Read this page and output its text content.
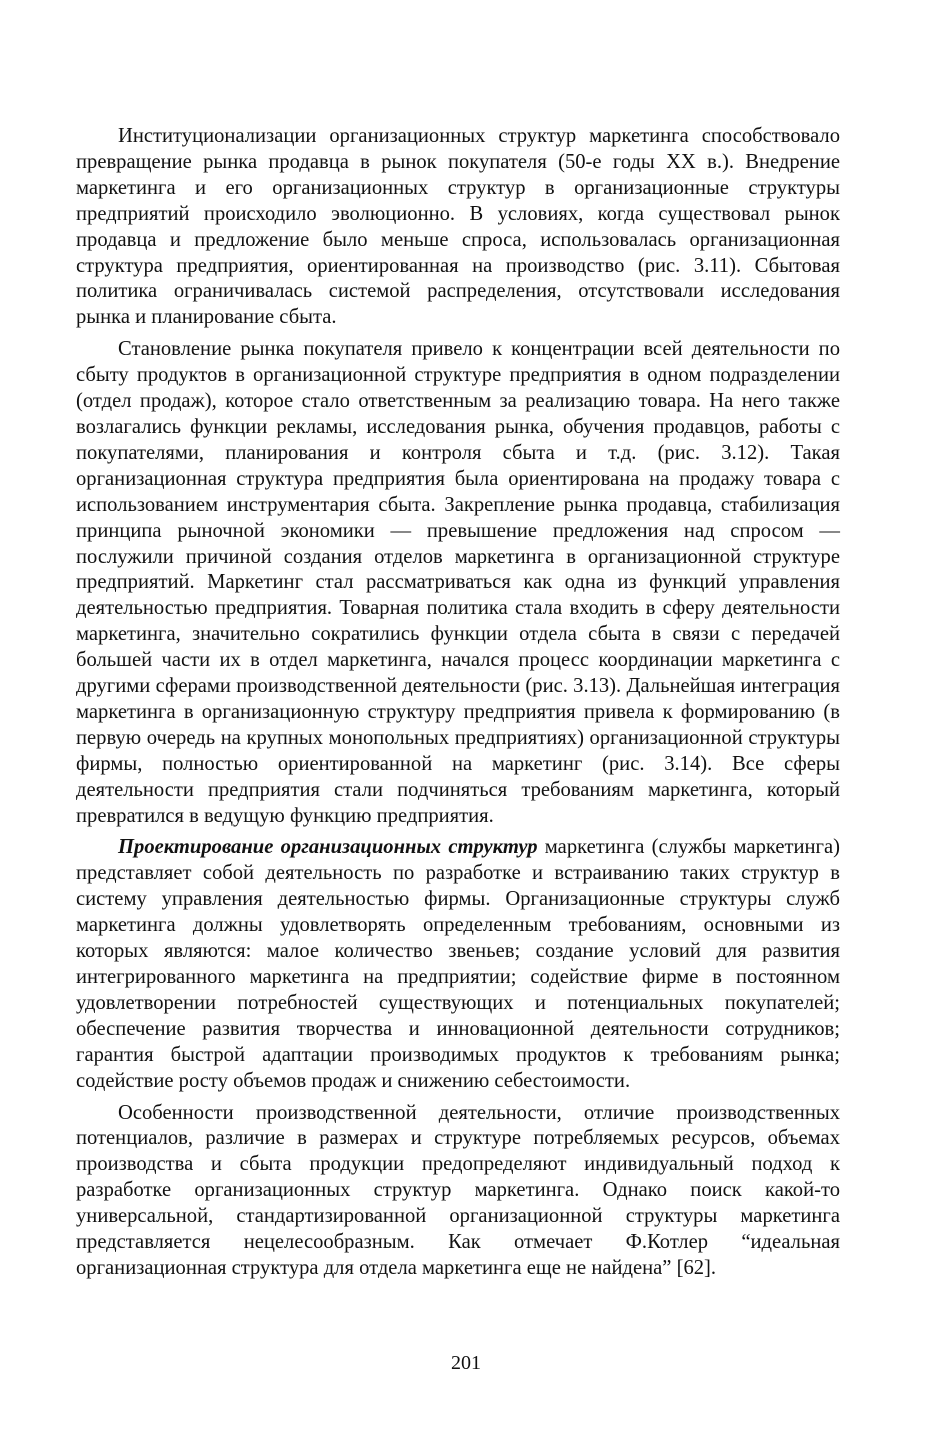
Институционализации организационных структур маркетинга способствовало превращение рынка продавца в рынок покупателя (50-е годы XX в.). Внедрение маркетинга и его организационных структур в организационные структуры предприятий происходило эволюционно. В условиях, когда существовал рынок продавца и предложение было меньше спроса, использовалась организационная структура предприятия, ориентированная на производство (рис. 3.11). Сбытовая политика ограничивалась системой распределения, отсутствовали исследования рынка и планирование сбыта.

Становление рынка покупателя привело к концентрации всей деятельности по сбыту продуктов в организационной структуре предприятия в одном подразделении (отдел продаж), которое стало ответственным за реализацию товара. На него также возлагались функции рекламы, исследования рынка, обучения продавцов, работы с покупателями, планирования и контроля сбыта и т.д. (рис. 3.12). Такая организационная структура предприятия была ориентирована на продажу товара с использованием инструментария сбыта. Закрепление рынка продавца, стабилизация принципа рыночной экономики — превышение предложения над спросом — послужили причиной создания отделов маркетинга в организационной структуре предприятий. Маркетинг стал рассматриваться как одна из функций управления деятельностью предприятия. Товарная политика стала входить в сферу деятельности маркетинга, значительно сократились функции отдела сбыта в связи с передачей большей части их в отдел маркетинга, начался процесс координации маркетинга с другими сферами производственной деятельности (рис. 3.13). Дальнейшая интеграция маркетинга в организационную структуру предприятия привела к формированию (в первую очередь на крупных монопольных предприятиях) организационной структуры фирмы, полностью ориентированной на маркетинг (рис. 3.14). Все сферы деятельности предприятия стали подчиняться требованиям маркетинга, который превратился в ведущую функцию предприятия.

Проектирование организационных структур маркетинга (службы маркетинга) представляет собой деятельность по разработке и встраиванию таких структур в систему управления деятельностью фирмы. Организационные структуры служб маркетинга должны удовлетворять определенным требованиям, основными из которых являются: малое количество звеньев; создание условий для развития интегрированного маркетинга на предприятии; содействие фирме в постоянном удовлетворении потребностей существующих и потенциальных покупателей; обеспечение развития творчества и инновационной деятельности сотрудников; гарантия быстрой адаптации производимых продуктов к требованиям рынка; содействие росту объемов продаж и снижению себестоимости.

Особенности производственной деятельности, отличие производственных потенциалов, различие в размерах и структуре потребляемых ресурсов, объемах производства и сбыта продукции предопределяют индивидуальный подход к разработке организационных структур маркетинга. Однако поиск какой-то универсальной, стандартизированной организационной структуры маркетинга представляется нецелесообразным. Как отмечает Ф.Котлер “идеальная организационная структура для отдела маркетинга еще не найдена” [62].

201
